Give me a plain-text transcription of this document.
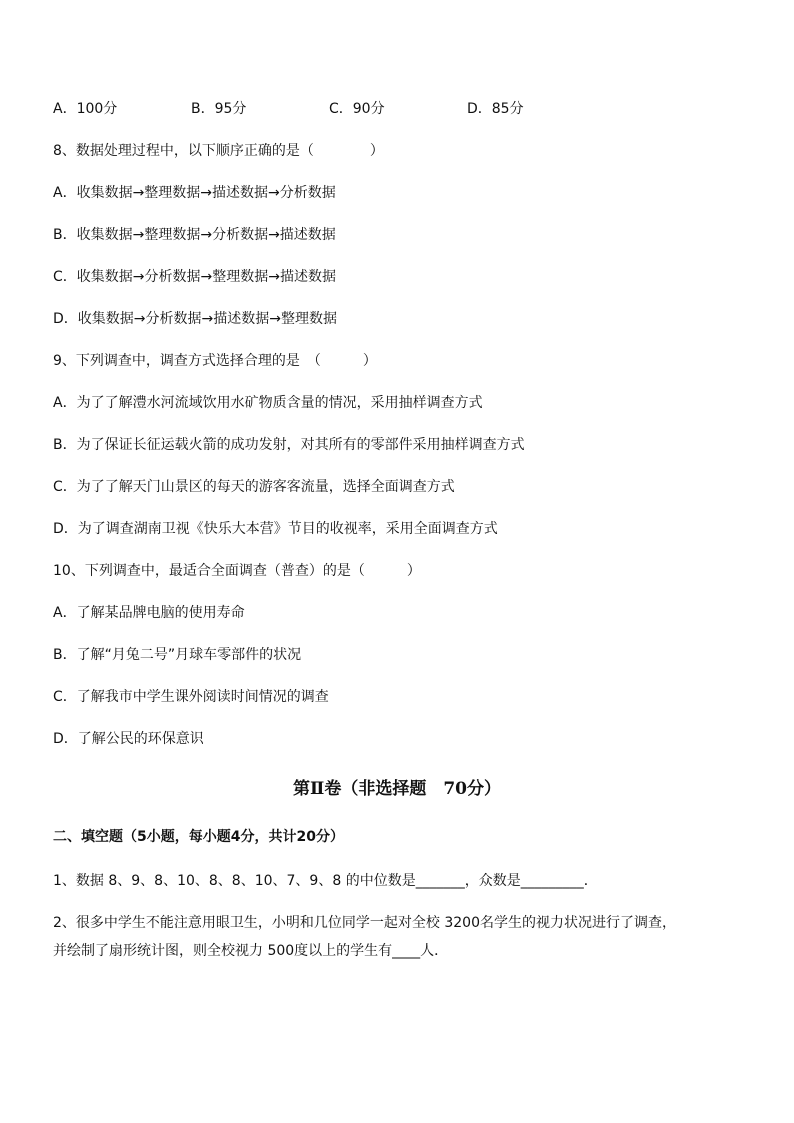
A．100分	B．95分	C．90分	D．85分
8、数据处理过程中，以下顺序正确的是（　　　　）
A．收集数据→整理数据→描述数据→分析数据
B．收集数据→整理数据→分析数据→描述数据
C．收集数据→分析数据→整理数据→描述数据
D．收集数据→分析数据→描述数据→整理数据
9、下列调查中，调查方式选择合理的是　（　　　）
A．为了了解澧水河流域饮用水矿物质含量的情况，采用抽样调查方式
B．为了保证长征运载火箭的成功发射，对其所有的零部件采用抽样调查方式
C．为了了解天门山景区的每天的游客客流量，选择全面调查方式
D．为了调查湖南卫视《快乐大本营》节目的收视率，采用全面调查方式
10、下列调查中，最适合全面调查（普查）的是（　　　）
A．了解某品牌电脑的使用寿命
B．了解“月兔二号”月球车零部件的状况
C．了解我市中学生课外阅读时间情况的调查
D．了解公民的环保意识
第Ⅱ卷（非选择题　70分）
二、填空题（5小题，每小题4分，共计20分）
1、数据 8、9、8、10、8、8、10、7、9、8 的中位数是_______，众数是_________．
2、很多中学生不能注意用眼卫生，小明和几位同学一起对全校 3200名学生的视力状况进行了调查，
并绘制了扇形统计图，则全校视力 500度以上的学生有____人．
